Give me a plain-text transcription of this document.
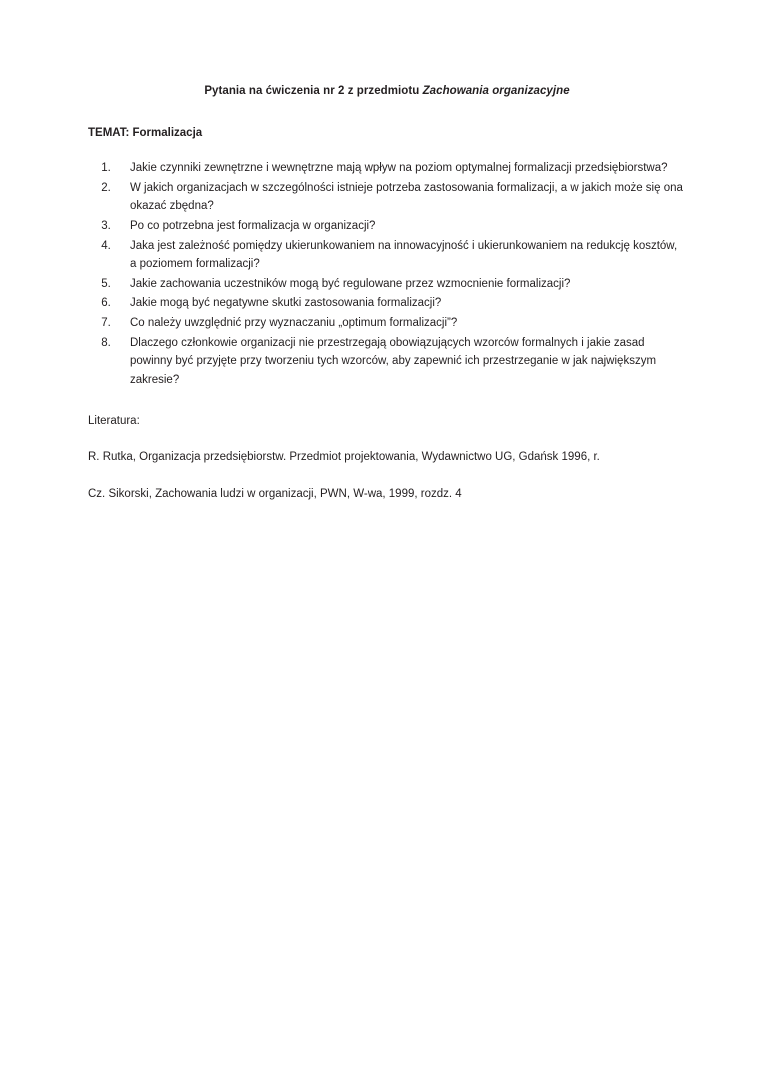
Pytania na ćwiczenia nr 2 z przedmiotu Zachowania organizacyjne

TEMAT: Formalizacja

1. Jakie czynniki zewnętrzne i wewnętrzne mają wpływ na poziom optymalnej formalizacji przedsiębiorstwa?
2. W jakich organizacjach w szczególności istnieje potrzeba zastosowania formalizacji, a w jakich może się ona okazać zbędna?
3. Po co potrzebna jest formalizacja w organizacji?
4. Jaka jest zależność pomiędzy ukierunkowaniem na innowacyjność i ukierunkowaniem na redukcję kosztów, a poziomem formalizacji?
5. Jakie zachowania uczestników mogą być regulowane przez wzmocnienie formalizacji?
6. Jakie mogą być negatywne skutki zastosowania formalizacji?
7. Co należy uwzględnić przy wyznaczaniu „optimum formalizacji”?
8. Dlaczego członkowie organizacji nie przestrzegają obowiązujących wzorców formalnych i jakie zasad powinny być przyjęte przy tworzeniu tych wzorców, aby zapewnić ich przestrzeganie w jak największym zakresie?

Literatura:

R. Rutka, Organizacja przedsiębiorstw. Przedmiot projektowania, Wydawnictwo UG, Gdańsk 1996, r.

Cz. Sikorski, Zachowania ludzi w organizacji, PWN, W-wa, 1999, rozdz. 4
